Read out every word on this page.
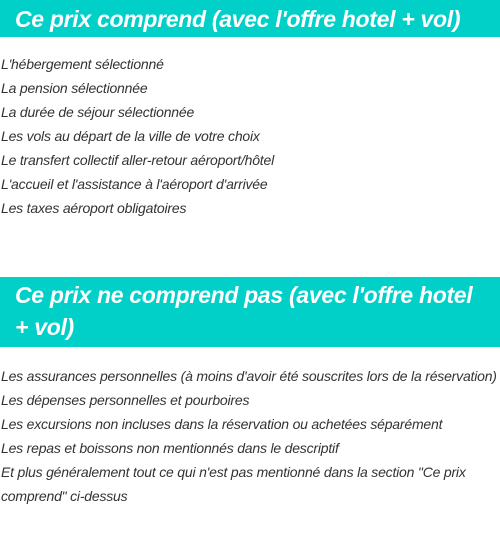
Ce prix comprend (avec l'offre hotel + vol)
L'hébergement sélectionné
La pension sélectionnée
La durée de séjour sélectionnée
Les vols au départ de la ville de votre choix
Le transfert collectif aller-retour aéroport/hôtel
L'accueil et l'assistance à l'aéroport d'arrivée
Les taxes aéroport obligatoires
Ce prix ne comprend pas (avec l'offre hotel + vol)
Les assurances personnelles (à moins d'avoir été souscrites lors de la réservation)
Les dépenses personnelles et pourboires
Les excursions non incluses dans la réservation ou achetées séparément
Les repas et boissons non mentionnés dans le descriptif
Et plus généralement tout ce qui n'est pas mentionné dans la section "Ce prix comprend" ci-dessus
